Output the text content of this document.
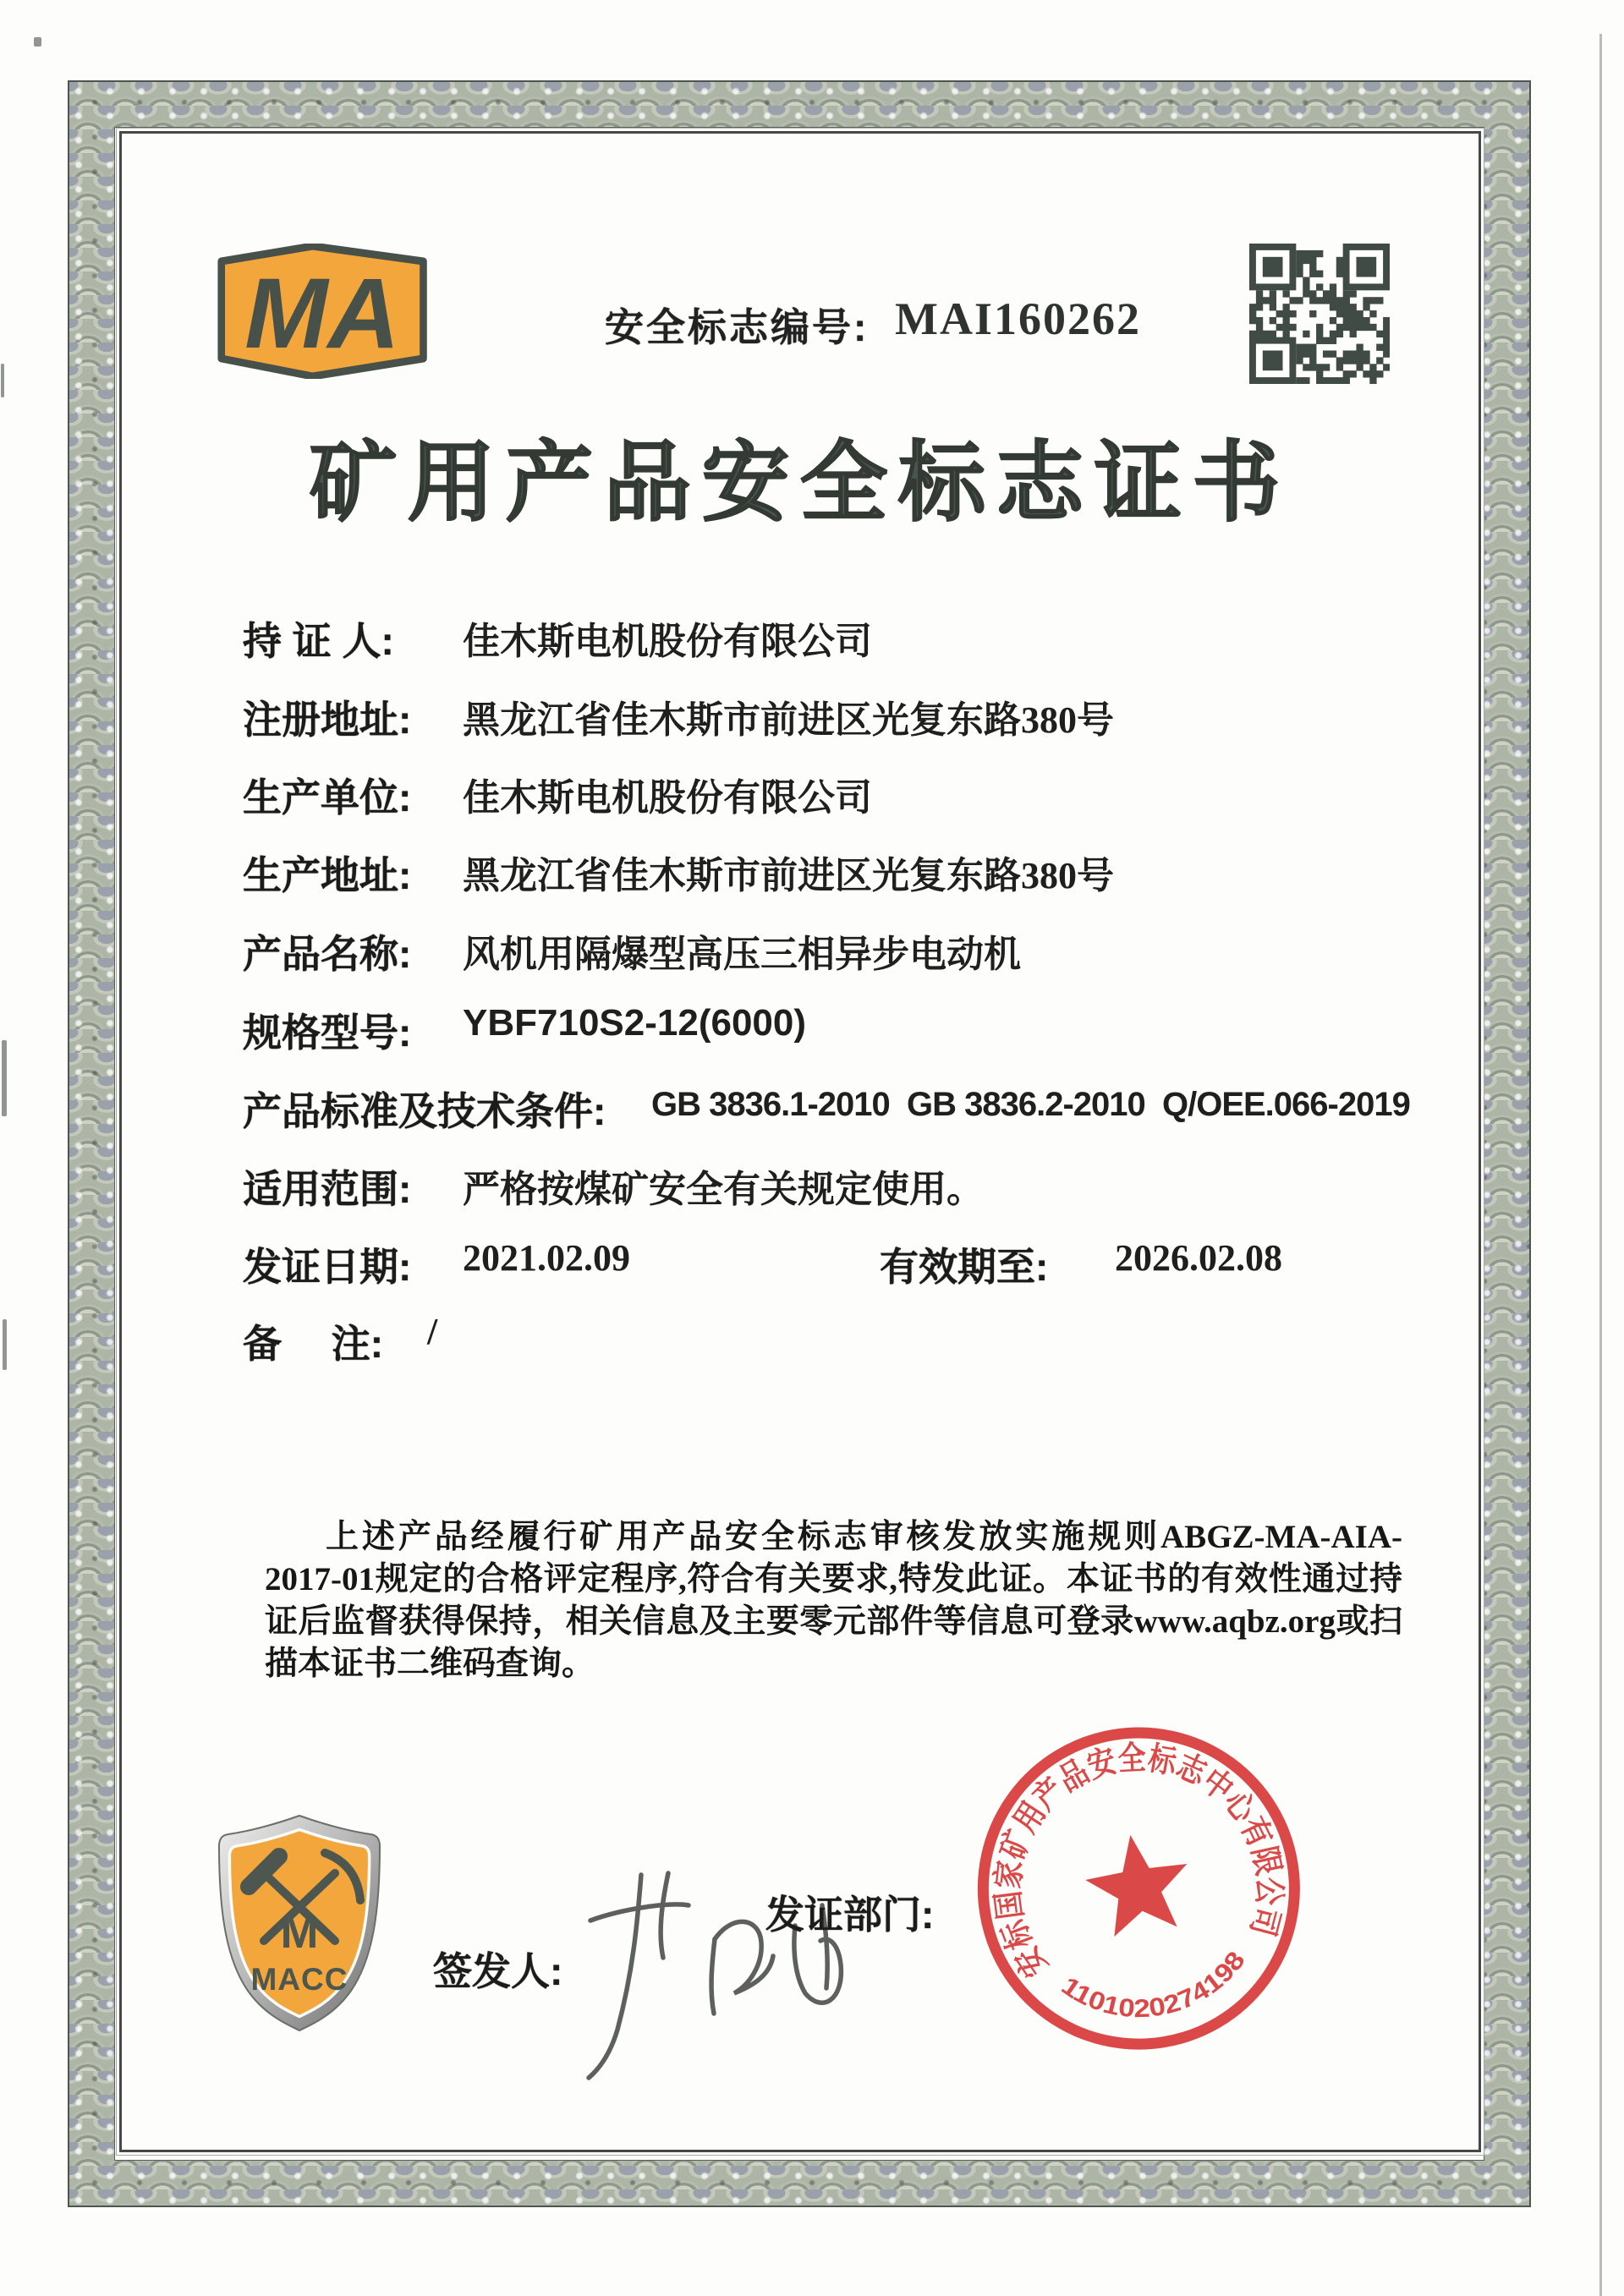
MA	安全标志编号: MAI160262
矿用产品安全标志证书
持 证 人: 佳木斯电机股份有限公司
注册地址: 黑龙江省佳木斯市前进区光复东路380号
生产单位: 佳木斯电机股份有限公司
生产地址: 黑龙江省佳木斯市前进区光复东路380号
产品名称: 风机用隔爆型高压三相异步电动机
规格型号: YBF710S2-12(6000)
产品标准及技术条件: GB 3836.1-2010  GB 3836.2-2010  Q/OEE.066-2019
适用范围: 严格按煤矿安全有关规定使用。
发证日期: 2021.02.09	有效期至: 2026.02.08
备　 注: /
上述产品经履行矿用产品安全标志审核发放实施规则ABGZ-MA-AIA-2017-01规定的合格评定程序,符合有关要求,特发此证。本证书的有效性通过持证后监督获得保持，相关信息及主要零元部件等信息可登录www.aqbz.org或扫描本证书二维码查询。
M
MACC 签发人:
发证部门:
安标国家矿用产品安全标志中心有限公司
1101020274198
